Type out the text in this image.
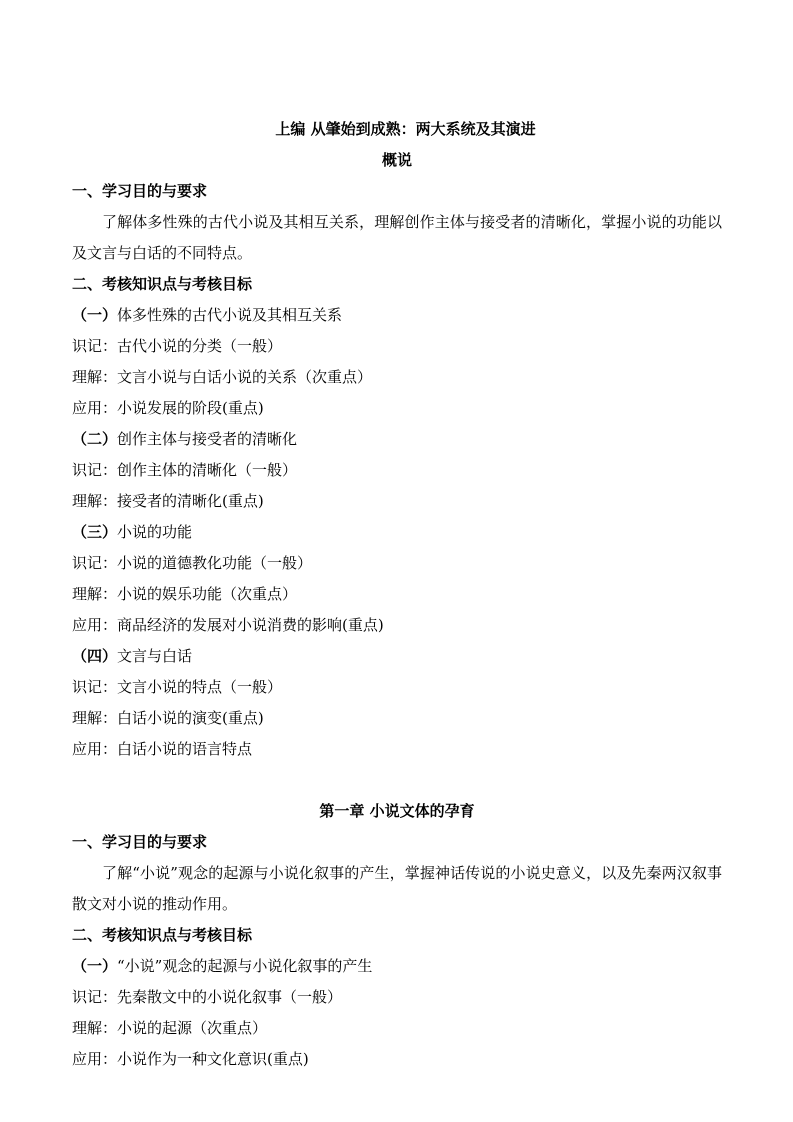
上编 从肇始到成熟：两大系统及其演进
概说
一、学习目的与要求
了解体多性殊的古代小说及其相互关系，理解创作主体与接受者的清晰化，掌握小说的功能以及文言与白话的不同特点。
二、考核知识点与考核目标
（一）体多性殊的古代小说及其相互关系
识记：古代小说的分类（一般）
理解：文言小说与白话小说的关系（次重点）
应用：小说发展的阶段(重点)
（二）创作主体与接受者的清晰化
识记：创作主体的清晰化（一般）
理解：接受者的清晰化(重点)
（三）小说的功能
识记：小说的道德教化功能（一般）
理解：小说的娱乐功能（次重点）
应用：商品经济的发展对小说消费的影响(重点)
（四）文言与白话
识记：文言小说的特点（一般）
理解：白话小说的演变(重点)
应用：白话小说的语言特点
第一章 小说文体的孕育
一、学习目的与要求
了解“小说”观念的起源与小说化叙事的产生，掌握神话传说的小说史意义，以及先秦两汉叙事散文对小说的推动作用。
二、考核知识点与考核目标
（一）“小说”观念的起源与小说化叙事的产生
识记：先秦散文中的小说化叙事（一般）
理解：小说的起源（次重点）
应用：小说作为一种文化意识(重点)
